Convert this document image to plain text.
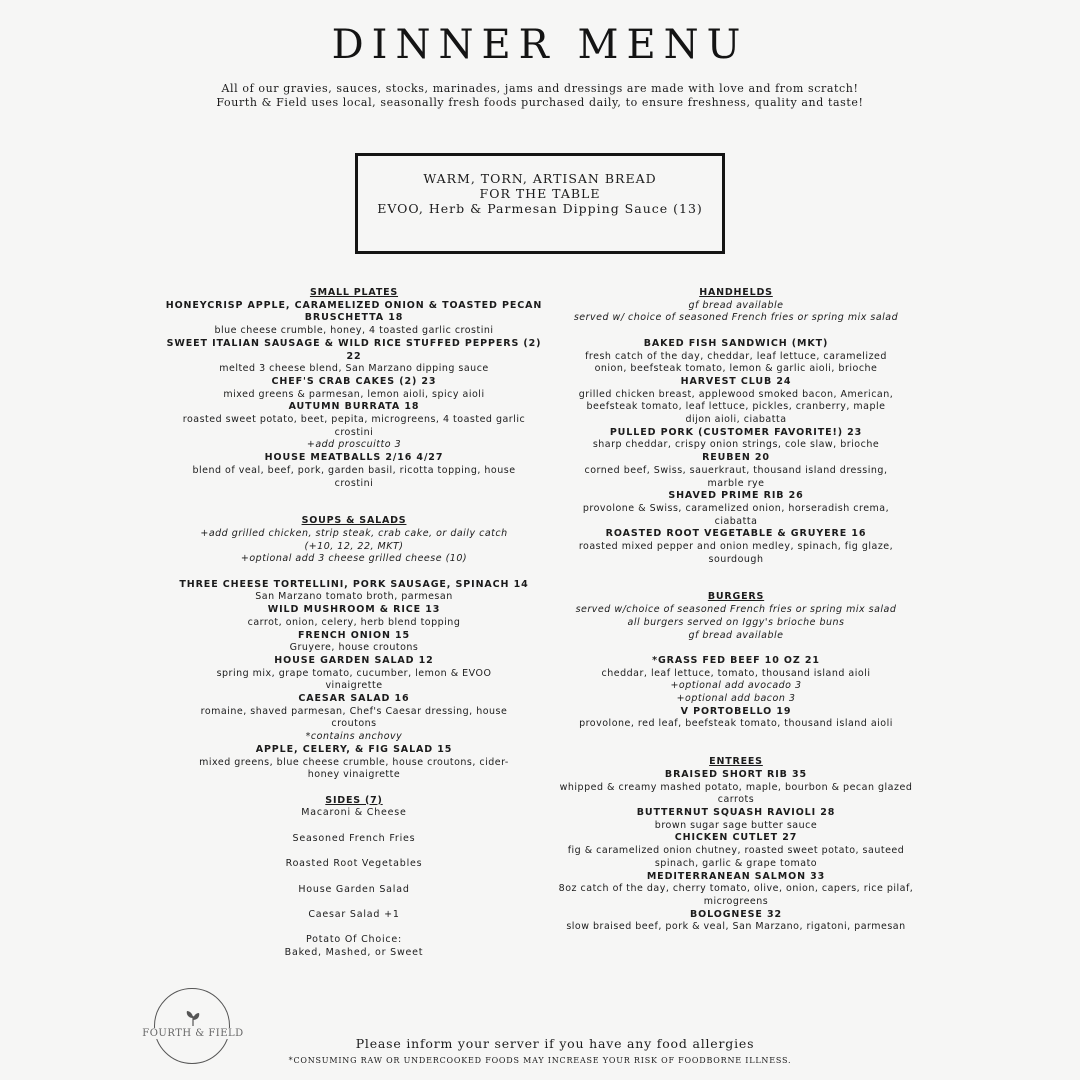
DINNER MENU
All of our gravies, sauces, stocks, marinades, jams and dressings are made with love and from scratch!
Fourth & Field uses local, seasonally fresh foods purchased daily, to ensure freshness, quality and taste!
WARM, TORN, ARTISAN BREAD
FOR THE TABLE
EVOO, Herb & Parmesan Dipping Sauce (13)
SMALL PLATES
HONEYCRISP APPLE, CARAMELIZED ONION & TOASTED PECAN
BRUSCHETTA 18
blue cheese crumble, honey, 4 toasted garlic crostini
SWEET ITALIAN SAUSAGE & WILD RICE STUFFED PEPPERS (2) 22
melted 3 cheese blend, San Marzano dipping sauce
CHEF'S CRAB CAKES (2) 23
mixed greens & parmesan, lemon aioli, spicy aioli
AUTUMN BURRATA 18
roasted sweet potato, beet, pepita, microgreens, 4 toasted garlic
crostini
+add proscuitto 3
HOUSE MEATBALLS 2/16 4/27
blend of veal, beef, pork, garden basil, ricotta topping, house
crostini
SOUPS & SALADS
+add grilled chicken, strip steak, crab cake, or daily catch
(+10, 12, 22, MKT)
+optional add 3 cheese grilled cheese (10)
THREE CHEESE TORTELLINI, PORK SAUSAGE, SPINACH 14
San Marzano tomato broth, parmesan
WILD MUSHROOM & RICE 13
carrot, onion, celery, herb blend topping
FRENCH ONION 15
Gruyere, house croutons
HOUSE GARDEN SALAD 12
spring mix, grape tomato, cucumber, lemon & EVOO
vinaigrette
CAESAR SALAD 16
romaine, shaved parmesan, Chef's Caesar dressing, house
croutons
*contains anchovy
APPLE, CELERY, & FIG SALAD 15
mixed greens, blue cheese crumble, house croutons, cider-
honey vinaigrette
SIDES (7)
Macaroni & Cheese
Seasoned French Fries
Roasted Root Vegetables
House Garden Salad
Caesar Salad +1
Potato Of Choice:
Baked, Mashed, or Sweet
HANDHELDS
gf bread available
served w/ choice of seasoned French fries or spring mix salad
BAKED FISH SANDWICH (MKT)
fresh catch of the day, cheddar, leaf lettuce, caramelized
onion, beefsteak tomato, lemon & garlic aioli, brioche
HARVEST CLUB 24
grilled chicken breast, applewood smoked bacon, American,
beefsteak tomato, leaf lettuce, pickles, cranberry, maple
dijon aioli, ciabatta
PULLED PORK (CUSTOMER FAVORITE!) 23
sharp cheddar, crispy onion strings, cole slaw, brioche
REUBEN 20
corned beef, Swiss, sauerkraut, thousand island dressing,
marble rye
SHAVED PRIME RIB 26
provolone & Swiss, caramelized onion, horseradish crema,
ciabatta
ROASTED ROOT VEGETABLE & GRUYERE 16
roasted mixed pepper and onion medley, spinach, fig glaze,
sourdough
BURGERS
served w/choice of seasoned French fries or spring mix salad
all burgers served on Iggy's brioche buns
gf bread available
*GRASS FED BEEF 10 OZ 21
cheddar, leaf lettuce, tomato, thousand island aioli
+optional add avocado 3
+optional add bacon 3
V PORTOBELLO 19
provolone, red leaf, beefsteak tomato, thousand island aioli
ENTREES
BRAISED SHORT RIB 35
whipped & creamy mashed potato, maple, bourbon & pecan glazed
carrots
BUTTERNUT SQUASH RAVIOLI 28
brown sugar sage butter sauce
CHICKEN CUTLET 27
fig & caramelized onion chutney, roasted sweet potato, sauteed
spinach, garlic & grape tomato
MEDITERRANEAN SALMON 33
8oz catch of the day, cherry tomato, olive, onion, capers, rice pilaf,
microgreens
BOLOGNESE 32
slow braised beef, pork & veal, San Marzano, rigatoni, parmesan
FOURTH & FIELD
Please inform your server if you have any food allergies
*CONSUMING RAW OR UNDERCOOKED FOODS MAY INCREASE YOUR RISK OF FOODBORNE ILLNESS.
